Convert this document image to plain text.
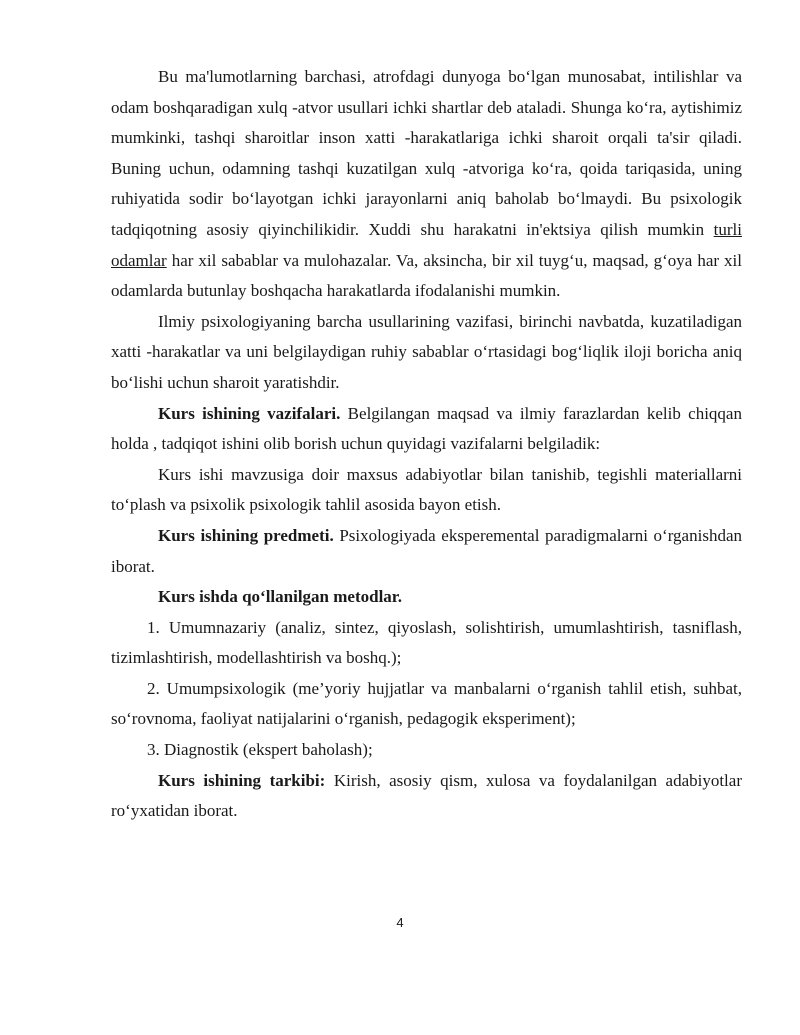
Bu ma'lumotlarning barchasi, atrofdagi dunyoga bo‘lgan munosabat, intilishlar va odam boshqaradigan xulq -atvor usullari ichki shartlar deb ataladi. Shunga ko‘ra, aytishimiz mumkinki, tashqi sharoitlar inson xatti -harakatlariga ichki sharoit orqali ta'sir qiladi. Buning uchun, odamning tashqi kuzatilgan xulq -atvoriga ko‘ra, qoida tariqasida, uning ruhiyatida sodir bo‘layotgan ichki jarayonlarni aniq baholab bo‘lmaydi. Bu psixologik tadqiqotning asosiy qiyinchilikidir. Xuddi shu harakatni in'ektsiya qilish mumkin turli odamlar har xil sabablar va mulohazalar. Va, aksincha, bir xil tuyg‘u, maqsad, g‘oya har xil odamlarda butunlay boshqacha harakatlarda ifodalanishi mumkin.

Ilmiy psixologiyaning barcha usullarining vazifasi, birinchi navbatda, kuzatiladigan xatti -harakatlar va uni belgilaydigan ruhiy sabablar o‘rtasidagi bog‘liqlik iloji boricha aniq bo‘lishi uchun sharoit yaratishdir.

Kurs ishining vazifalari. Belgilangan maqsad va ilmiy farazlardan kelib chiqqan holda , tadqiqot ishini olib borish uchun quyidagi vazifalarni belgiladik:

Kurs ishi mavzusiga doir maxsus adabiyotlar bilan tanishib, tegishli materiallarni to‘plash va psixolik psixologik tahlil asosida bayon etish.

Kurs ishining predmeti. Psixologiyada eksperemental paradigmalarni o‘rganishdan iborat.

Kurs ishda qo‘llanilgan metodlar.

1. Umumnazariy (analiz, sintez, qiyoslash, solishtirish, umumlashtirish, tasniflash, tizimlashtirish, modellashtirish va boshq.);

2. Umumpsixologik (me’yoriy hujjatlar va manbalarni o‘rganish tahlil etish, suhbat, so‘rovnoma, faoliyat natijalarini o‘rganish, pedagogik eksperiment);

3. Diagnostik (ekspert baholash);

Kurs ishining tarkibi: Kirish, asosiy qism, xulosa va foydalanilgan adabiyotlar ro‘yxatidan iborat.

4
